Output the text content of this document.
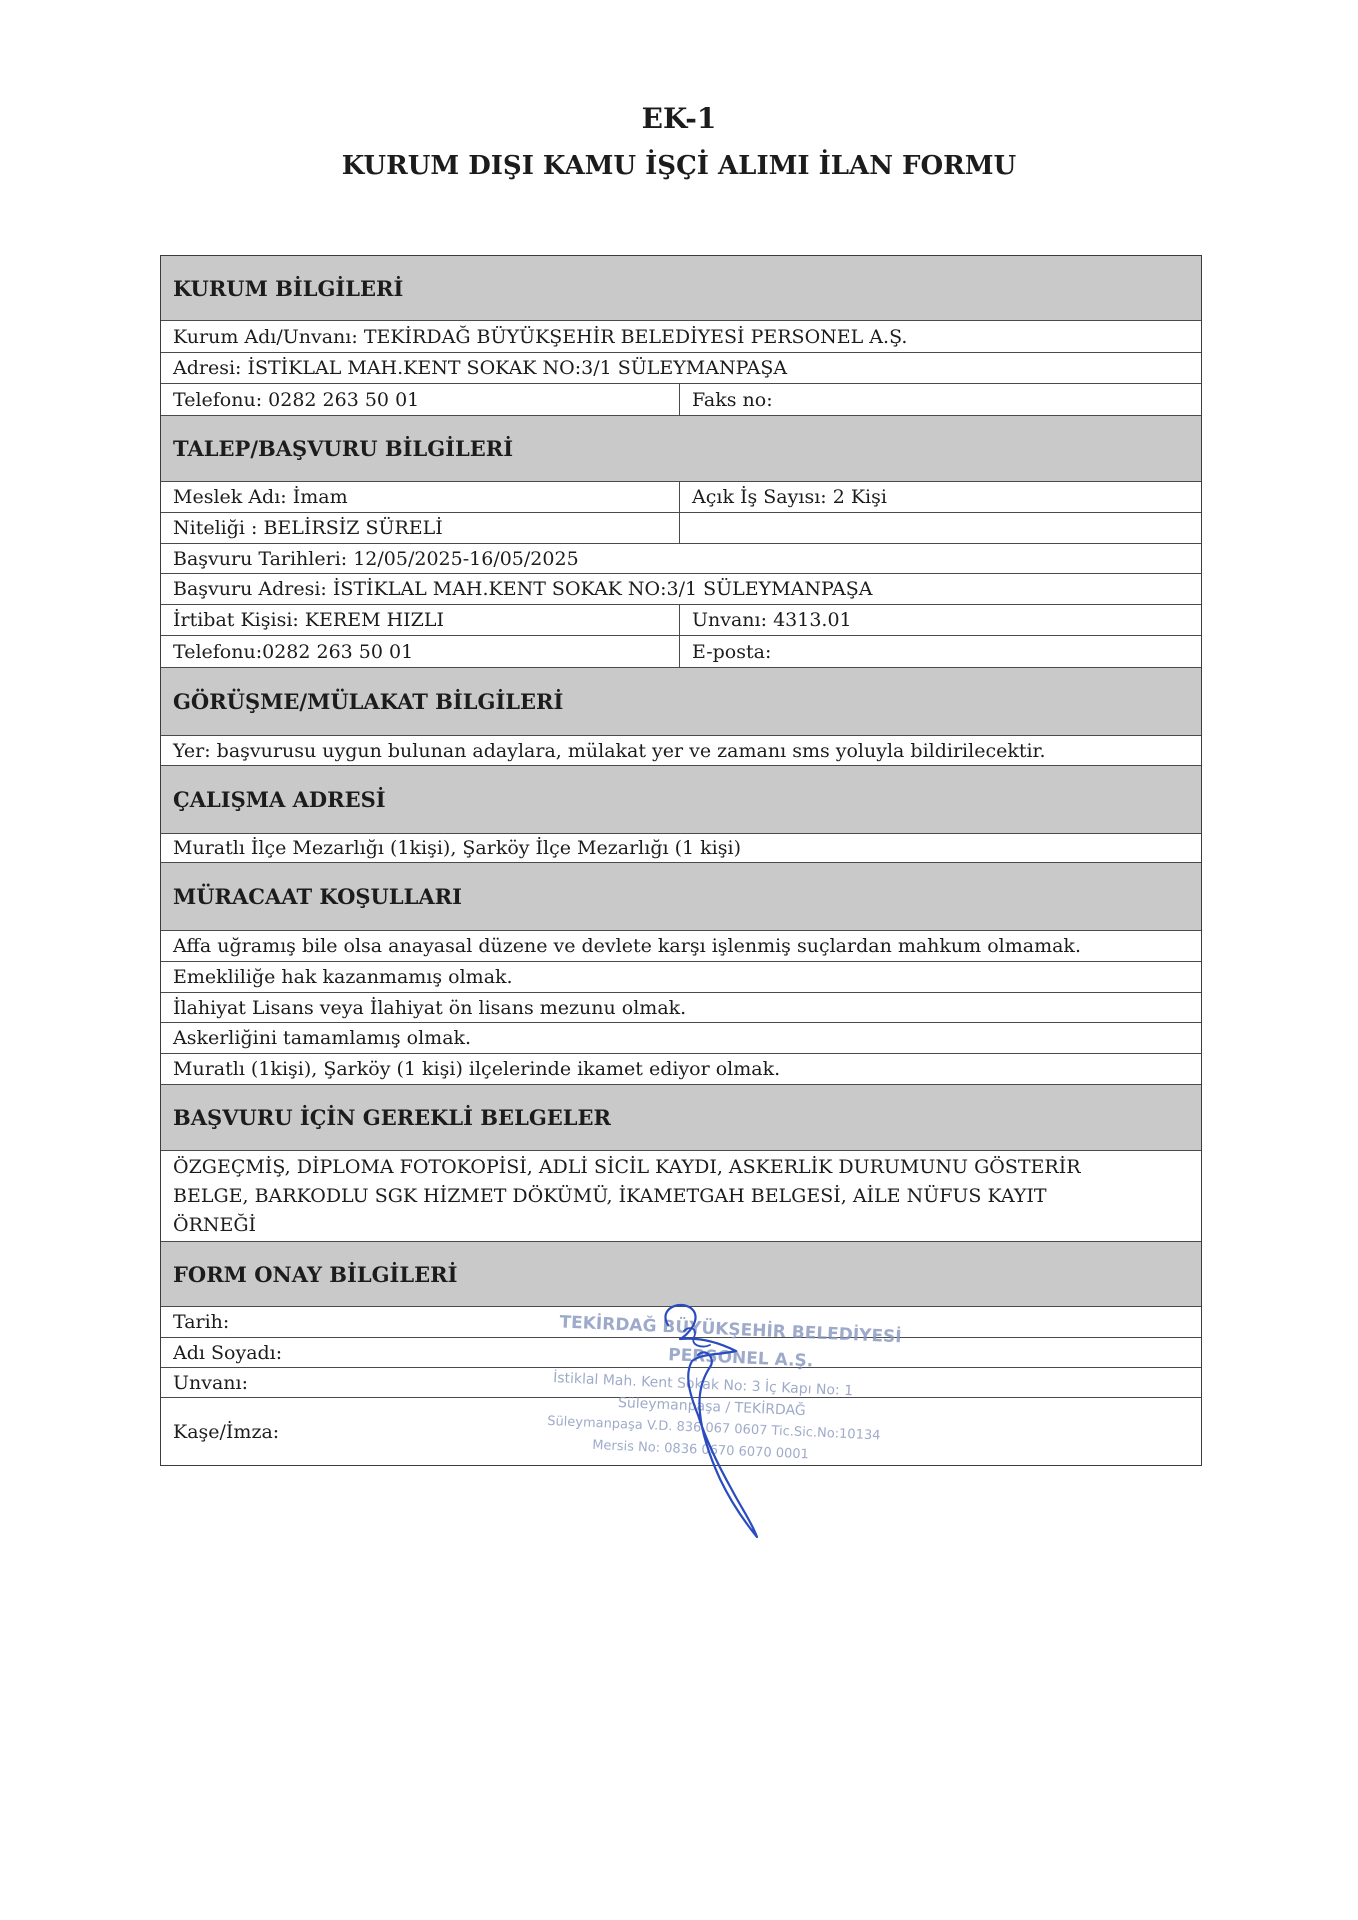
EK-1
KURUM DIŞI KAMU İŞÇİ ALIMI İLAN FORMU
KURUM BİLGİLERİ
Kurum Adı/Unvanı: TEKİRDAĞ BÜYÜKŞEHİR BELEDİYESİ PERSONEL A.Ş.
Adresi: İSTİKLAL MAH.KENT SOKAK NO:3/1 SÜLEYMANPAŞA
Telefonu: 0282 263 50 01	Faks no:
TALEP/BAŞVURU BİLGİLERİ
Meslek Adı: İmam	Açık İş Sayısı: 2 Kişi
Niteliği : BELİRSİZ SÜRELİ
Başvuru Tarihleri: 12/05/2025-16/05/2025
Başvuru Adresi: İSTİKLAL MAH.KENT SOKAK NO:3/1 SÜLEYMANPAŞA
İrtibat Kişisi: KEREM HIZLI	Unvanı: 4313.01
Telefonu:0282 263 50 01	E-posta:
GÖRÜŞME/MÜLAKAT BİLGİLERİ
Yer: başvurusu uygun bulunan adaylara, mülakat yer ve zamanı sms yoluyla bildirilecektir.
ÇALIŞMA ADRESİ
Muratlı İlçe Mezarlığı (1kişi), Şarköy İlçe Mezarlığı (1 kişi)
MÜRACAAT KOŞULLARI
Affa uğramış bile olsa anayasal düzene ve devlete karşı işlenmiş suçlardan mahkum olmamak.
Emekliliğe hak kazanmamış olmak.
İlahiyat Lisans veya İlahiyat ön lisans mezunu olmak.
Askerliğini tamamlamış olmak.
Muratlı (1kişi), Şarköy (1 kişi) ilçelerinde ikamet ediyor olmak.
BAŞVURU İÇİN GEREKLİ BELGELER
ÖZGEÇMİŞ, DİPLOMA FOTOKOPİSİ, ADLİ SİCİL KAYDI, ASKERLİK DURUMUNU GÖSTERİR BELGE, BARKODLU SGK HİZMET DÖKÜMÜ, İKAMETGAH BELGESİ, AİLE NÜFUS KAYIT ÖRNEĞİ
FORM ONAY BİLGİLERİ
Tarih:
Adı Soyadı:
Unvanı:
Kaşe/İmza:
TEKİRDAĞ BÜYÜKŞEHİR BELEDİYESİ
PERSONEL A.Ş.
İstiklal Mah. Kent Sokak No: 3 İç Kapı No: 1
Süleymanpaşa / TEKİRDAĞ
Süleymanpaşa V.D. 836 067 0607 Tic.Sic.No:10134
Mersis No: 0836 0670 6070 0001
